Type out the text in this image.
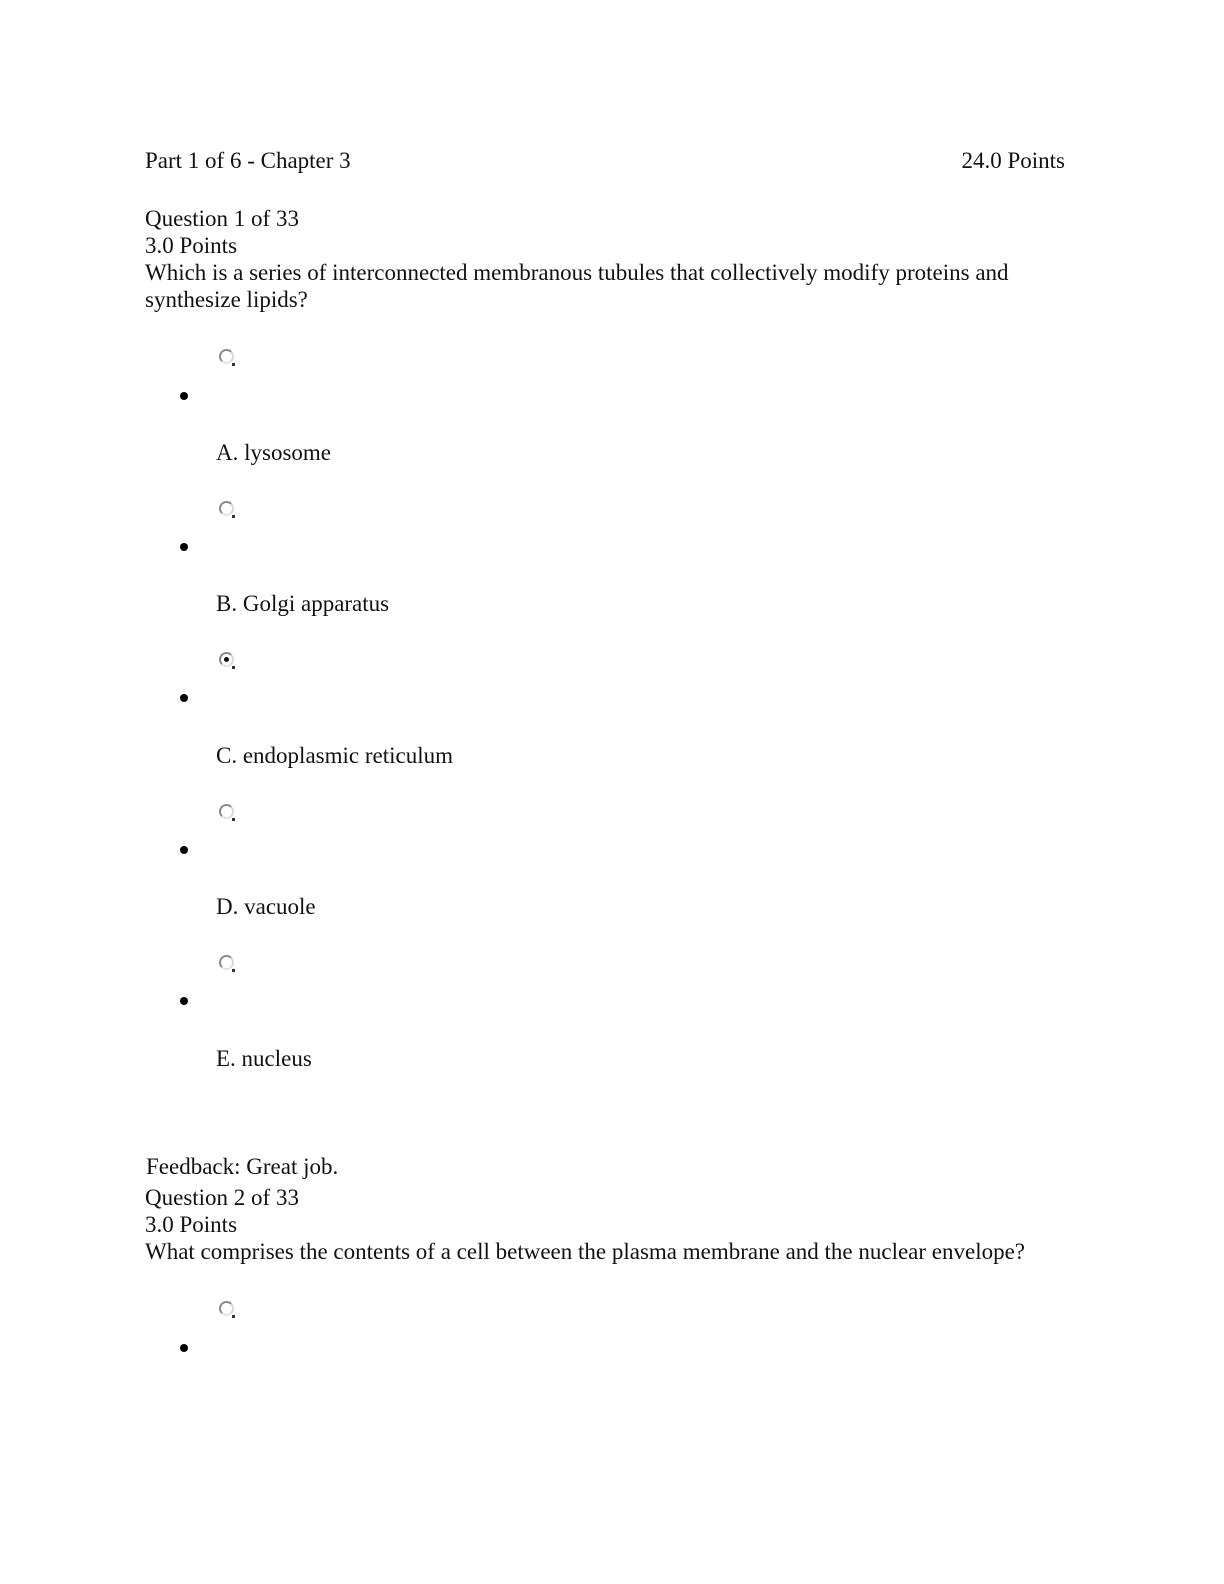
Part 1 of 6 - Chapter 3	24.0 Points
Question 1 of 33
3.0 Points
Which is a series of interconnected membranous tubules that collectively modify proteins and synthesize lipids?
A. lysosome
B. Golgi apparatus
C. endoplasmic reticulum
D. vacuole
E. nucleus
Feedback: Great job.
Question 2 of 33
3.0 Points
What comprises the contents of a cell between the plasma membrane and the nuclear envelope?
